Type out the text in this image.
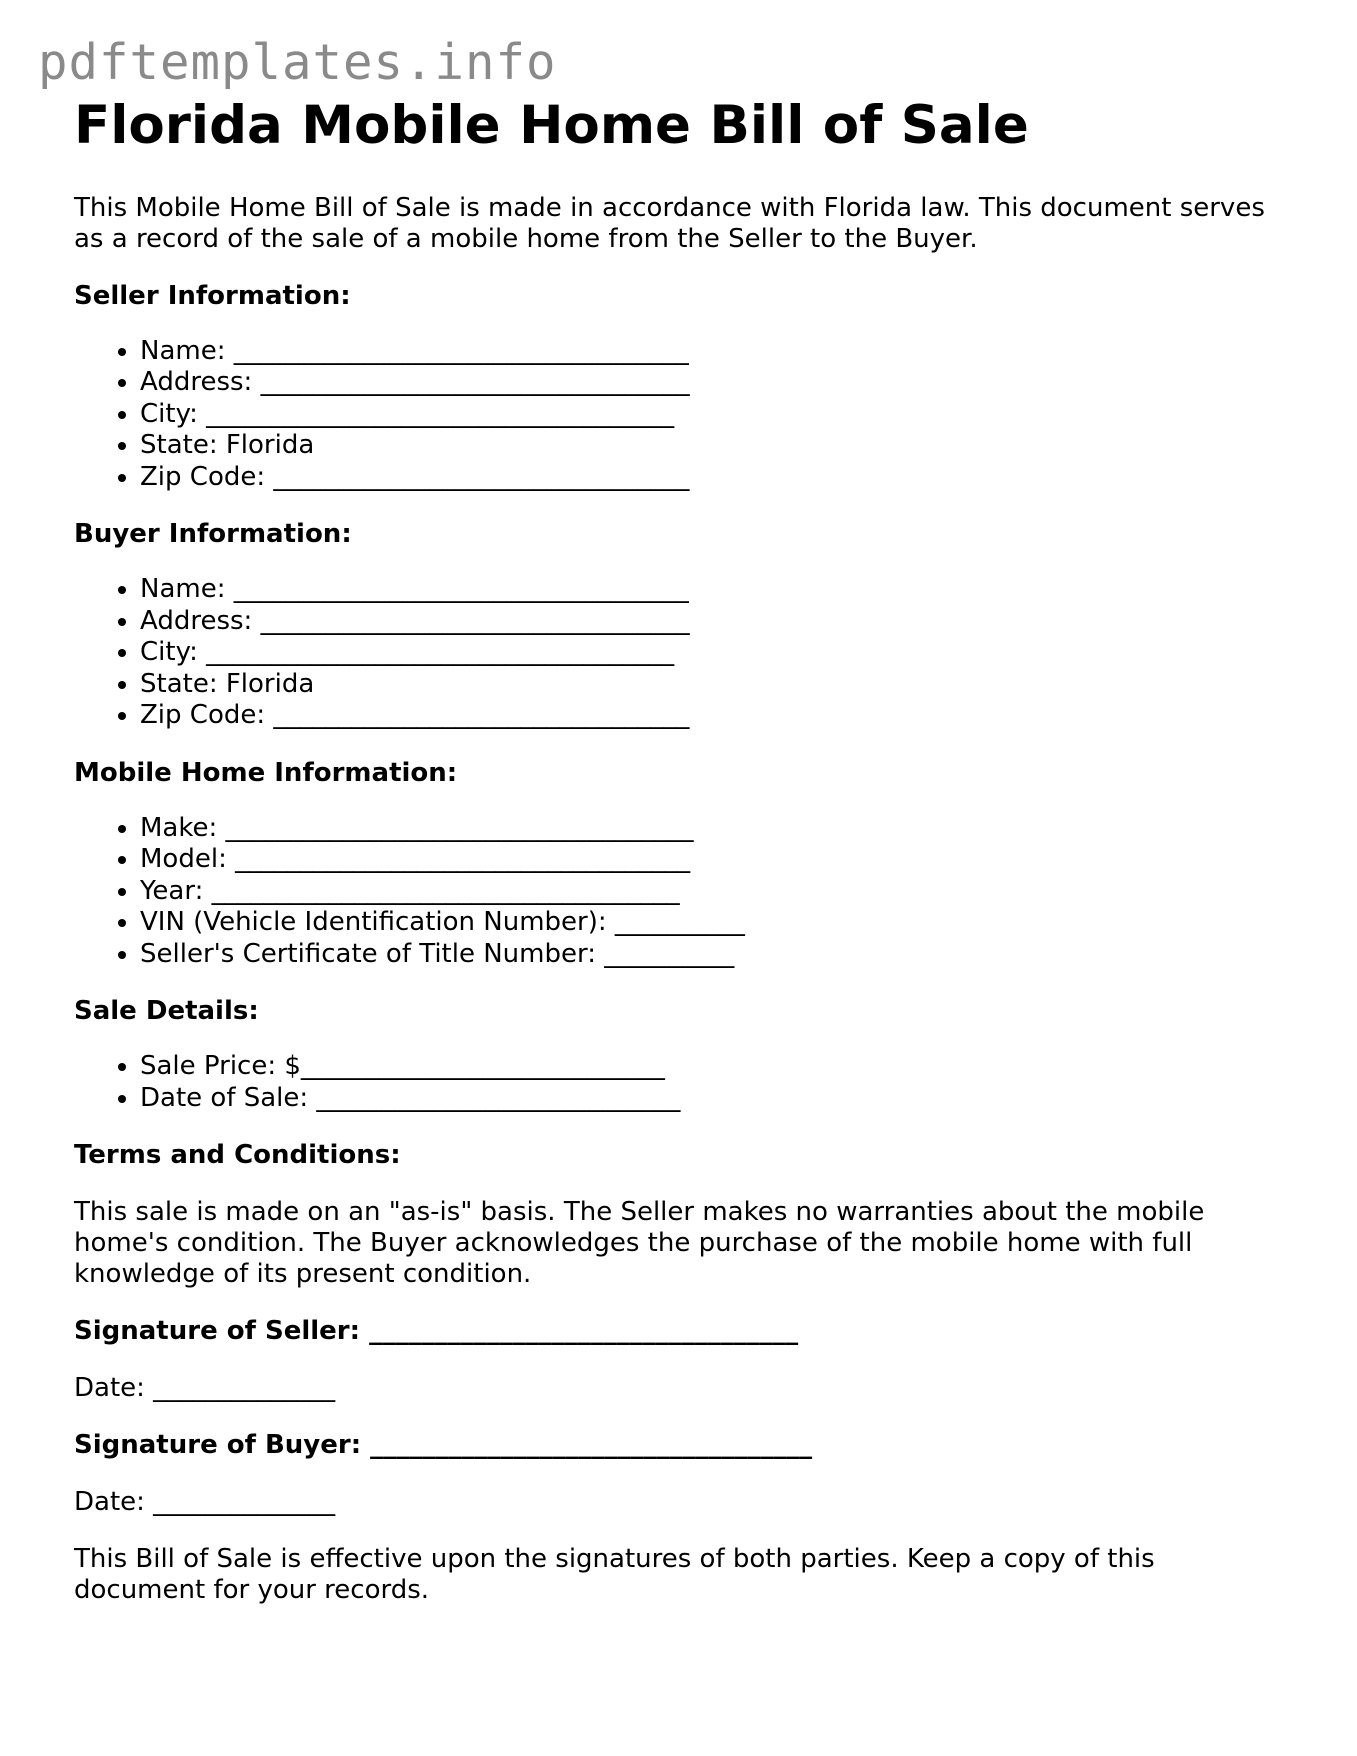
pdftemplates.info
Florida Mobile Home Bill of Sale

This Mobile Home Bill of Sale is made in accordance with Florida law. This document serves as a record of the sale of a mobile home from the Seller to the Buyer.

Seller Information:
• Name: ___________________________________
• Address: _________________________________
• City: ____________________________________
• State: Florida
• Zip Code: ________________________________
Buyer Information:
• Name: ___________________________________
• Address: _________________________________
• City: ____________________________________
• State: Florida
• Zip Code: ________________________________
Mobile Home Information:
• Make: ____________________________________
• Model: ___________________________________
• Year: ____________________________________
• VIN (Vehicle Identification Number): __________
• Seller's Certificate of Title Number: __________
Sale Details:
• Sale Price: $____________________________
• Date of Sale: ____________________________
Terms and Conditions:

This sale is made on an "as-is" basis. The Seller makes no warranties about the mobile home's condition. The Buyer acknowledges the purchase of the mobile home with full knowledge of its present condition.

Signature of Seller: _________________________________

Date: ______________

Signature of Buyer: __________________________________

Date: ______________

This Bill of Sale is effective upon the signatures of both parties. Keep a copy of this document for your records.
